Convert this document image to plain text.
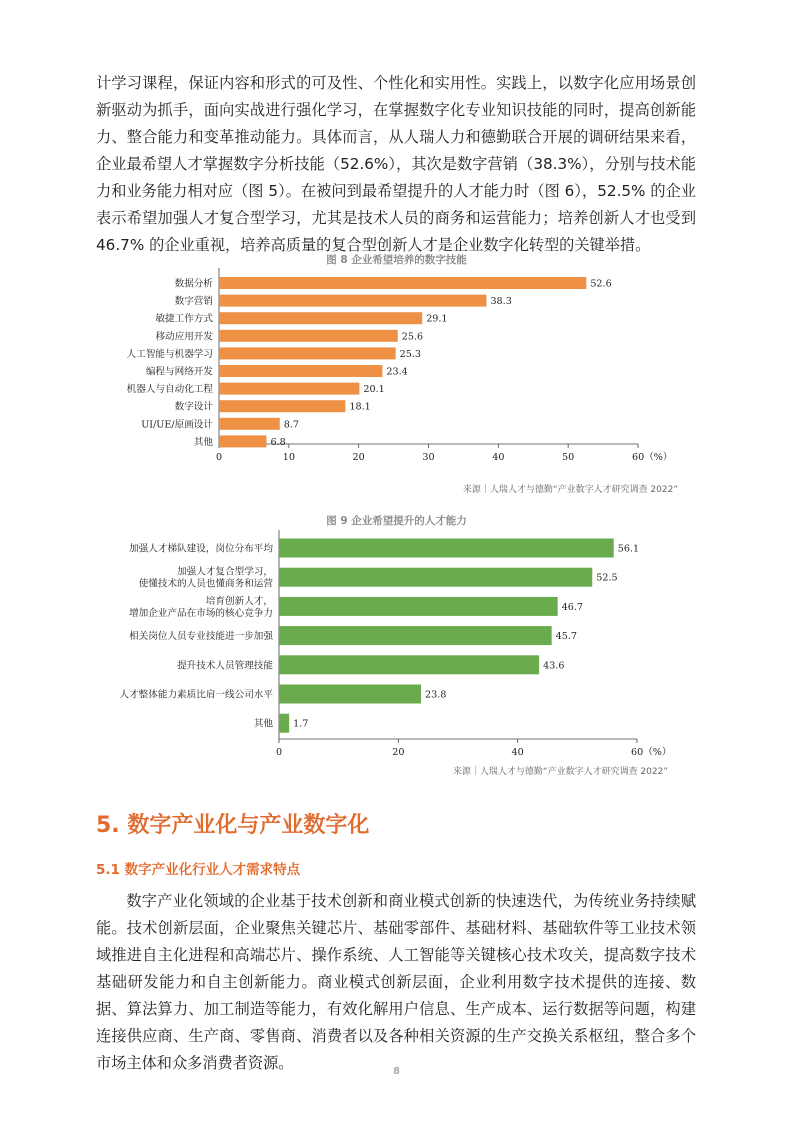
计学习课程，保证内容和形式的可及性、个性化和实用性。实践上，以数字化应用场景创新驱动为抓手，面向实战进行强化学习，在掌握数字化专业知识技能的同时，提高创新能力、整合能力和变革推动能力。具体而言，从人瑞人力和德勤联合开展的调研结果来看，企业最希望人才掌握数字分析技能（52.6%），其次是数字营销（38.3%），分别与技术能力和业务能力相对应（图 5）。在被问到最希望提升的人才能力时（图 6），52.5% 的企业表示希望加强人才复合型学习，尤其是技术人员的商务和运营能力；培养创新人才也受到 46.7% 的企业重视，培养高质量的复合型创新人才是企业数字化转型的关键举措。

图 8 企业希望培养的数字技能
0	10	20	30	40	50	60（%）
52.6
数据分析
38.3
数字营销
29.1
敏捷工作方式
25.6
移动应用开发
25.3
人工智能与机器学习
23.4
编程与网络开发
20.1
机器人与自动化工程
18.1
数字设计
8.7
UI/UE/原画设计
6.8
其他
来源｜人瑞人才与德勤“产业数字人才研究调查 2022”
图 9 企业希望提升的人才能力
0	20	40	60（%）
56.1
加强人才梯队建设，岗位分布平均
52.5
加强人才复合型学习，
使懂技术的人员也懂商务和运营
46.7
培育创新人才，
增加企业产品在市场的核心竞争力
45.7
相关岗位人员专业技能进一步加强
43.6
提升技术人员管理技能
23.8
人才整体能力素质比肩一线公司水平
1.7
其他
来源｜人瑞人才与德勤“产业数字人才研究调查 2022”
5. 数字产业化与产业数字化
5.1 数字产业化行业人才需求特点

数字产业化领域的企业基于技术创新和商业模式创新的快速迭代，为传统业务持续赋能。技术创新层面，企业聚焦关键芯片、基础零部件、基础材料、基础软件等工业技术领域推进自主化进程和高端芯片、操作系统、人工智能等关键核心技术攻关，提高数字技术基础研发能力和自主创新能力。商业模式创新层面，企业利用数字技术提供的连接、数据、算法算力、加工制造等能力，有效化解用户信息、生产成本、运行数据等问题，构建连接供应商、生产商、零售商、消费者以及各种相关资源的生产交换关系枢纽，整合多个市场主体和众多消费者资源。	8
